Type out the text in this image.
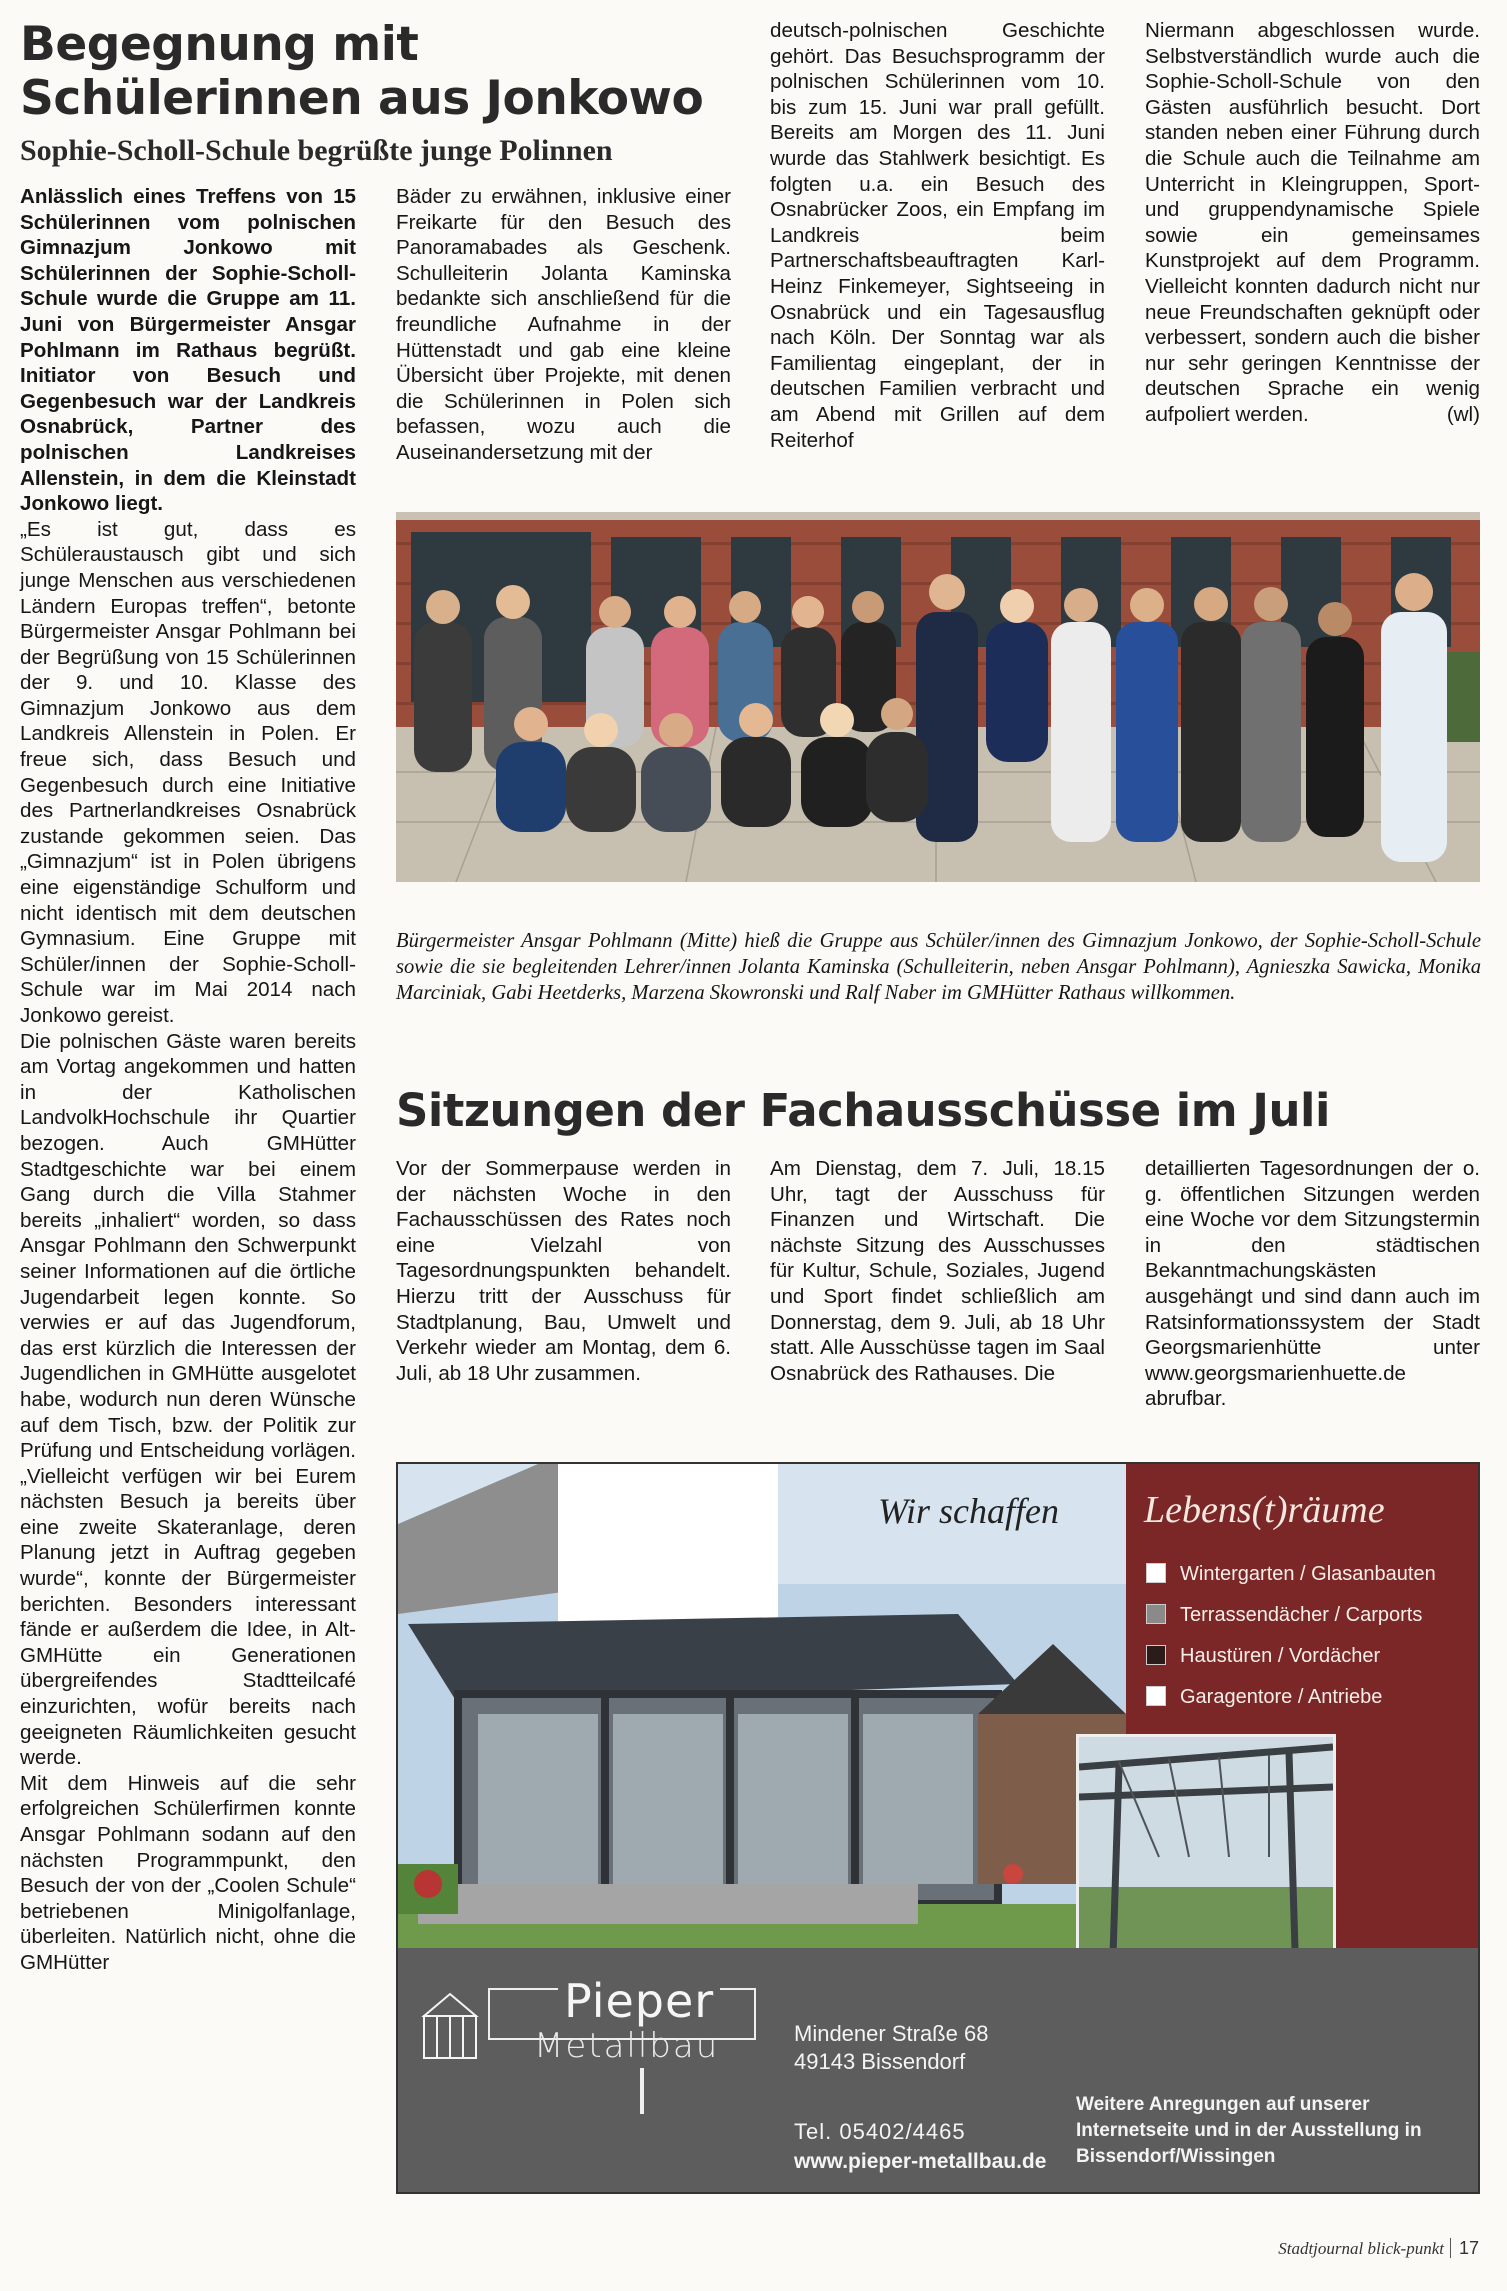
Begegnung mit
Schülerinnen aus Jonkowo
Sophie-Scholl-Schule begrüßte junge Polinnen

Anlässlich eines Treffens von 15 Schülerinnen vom polnischen Gimnazjum Jonkowo mit Schülerinnen der Sophie-Scholl-Schule wurde die Gruppe am 11. Juni von Bürgermeister Ansgar Pohlmann im Rathaus begrüßt. Initiator von Besuch und Gegenbesuch war der Landkreis Osnabrück, Partner des polnischen Landkreises Allenstein, in dem die Kleinstadt Jonkowo liegt.

„Es ist gut, dass es Schüleraustausch gibt und sich junge Menschen aus verschiedenen Ländern Europas treffen“, betonte Bürgermeister Ansgar Pohlmann bei der Begrüßung von 15 Schülerinnen der 9. und 10. Klasse des Gimnazjum Jonkowo aus dem Landkreis Allenstein in Polen. Er freue sich, dass Besuch und Gegenbesuch durch eine Initiative des Partnerlandkreises Osnabrück zustande gekommen seien. Das „Gimnazjum“ ist in Polen übrigens eine eigenständige Schulform und nicht identisch mit dem deutschen Gymnasium. Eine Gruppe mit Schüler/innen der Sophie-Scholl-Schule war im Mai 2014 nach Jonkowo gereist.

Die polnischen Gäste waren bereits am Vortag angekommen und hatten in der Katholischen LandvolkHochschule ihr Quartier bezogen. Auch GMHütter Stadtgeschichte war bei einem Gang durch die Villa Stahmer bereits „inhaliert“ worden, so dass Ansgar Pohlmann den Schwerpunkt seiner Informationen auf die örtliche Jugendarbeit legen konnte. So verwies er auf das Jugendforum, das erst kürzlich die Interessen der Jugendlichen in GMHütte ausgelotet habe, wodurch nun deren Wünsche auf dem Tisch, bzw. der Politik zur Prüfung und Entscheidung vorlägen. „Vielleicht verfügen wir bei Eurem nächsten Besuch ja bereits über eine zweite Skateranlage, deren Planung jetzt in Auftrag gegeben wurde“, konnte der Bürgermeister berichten. Besonders interessant fände er außerdem die Idee, in Alt-GMHütte ein Generationen übergreifendes Stadtteilcafé einzurichten, wofür bereits nach geeigneten Räumlichkeiten gesucht werde.

Mit dem Hinweis auf die sehr erfolgreichen Schülerfirmen konnte Ansgar Pohlmann sodann auf den nächsten Programmpunkt, den Besuch der von der „Coolen Schule“ betriebenen Minigolfanlage, überleiten. Natürlich nicht, ohne die GMHütter

Bäder zu erwähnen, inklusive einer Freikarte für den Besuch des Panoramabades als Geschenk. Schulleiterin Jolanta Kaminska bedankte sich anschließend für die freundliche Aufnahme in der Hüttenstadt und gab eine kleine Übersicht über Projekte, mit denen die Schülerinnen in Polen sich befassen, wozu auch die Auseinandersetzung mit der

deutsch-polnischen Geschichte gehört. Das Besuchsprogramm der polnischen Schülerinnen vom 10. bis zum 15. Juni war prall gefüllt. Bereits am Morgen des 11. Juni wurde das Stahlwerk besichtigt. Es folgten u.a. ein Besuch des Osnabrücker Zoos, ein Empfang im Landkreis beim Partnerschaftsbeauftragten Karl-Heinz Finkemeyer, Sightseeing in Osnabrück und ein Tagesausflug nach Köln. Der Sonntag war als Familientag eingeplant, der in deutschen Familien verbracht und am Abend mit Grillen auf dem Reiterhof

Niermann abgeschlossen wurde. Selbstverständlich wurde auch die Sophie-Scholl-Schule von den Gästen ausführlich besucht. Dort standen neben einer Führung durch die Schule auch die Teilnahme am Unterricht in Kleingruppen, Sport- und gruppendynamische Spiele sowie ein gemeinsames Kunstprojekt auf dem Programm. Vielleicht konnten dadurch nicht nur neue Freundschaften geknüpft oder verbessert, sondern auch die bisher nur sehr geringen Kenntnisse der deutschen Sprache ein wenig aufpoliert werden.	(wl)

Bürgermeister Ansgar Pohlmann (Mitte) hieß die Gruppe aus Schüler/innen des Gimnazjum Jonkowo, der Sophie-Scholl-Schule sowie die sie begleitenden Lehrer/innen Jolanta Kaminska (Schulleiterin, neben Ansgar Pohlmann), Agnieszka Sawicka, Monika Marciniak, Gabi Heetderks, Marzena Skowronski und Ralf Naber im GMHütter Rathaus willkommen.
Sitzungen der Fachausschüsse im Juli

Vor der Sommerpause werden in der nächsten Woche in den Fachausschüssen des Rates noch eine Vielzahl von Tagesordnungspunkten behandelt. Hierzu tritt der Ausschuss für Stadtplanung, Bau, Umwelt und Verkehr wieder am Montag, dem 6. Juli, ab 18 Uhr zusammen.

Am Dienstag, dem 7. Juli, 18.15 Uhr, tagt der Ausschuss für Finanzen und Wirtschaft. Die nächste Sitzung des Ausschusses für Kultur, Schule, Soziales, Jugend und Sport findet schließlich am Donnerstag, dem 9. Juli, ab 18 Uhr statt. Alle Ausschüsse tagen im Saal Osnabrück des Rathauses. Die

detaillierten Tagesordnungen der o. g. öffentlichen Sitzungen werden eine Woche vor dem Sitzungstermin in den städtischen Bekanntmachungskästen ausgehängt und sind dann auch im Ratsinformationssystem der Stadt Georgsmarienhütte unter www.georgsmarienhuette.de abrufbar.

Wir schaffen Lebens(t)räume
Wintergarten / Glasanbauten
Terrassendächer / Carports
Haustüren / Vordächer
Garagentore / Antriebe
Pieper
Metallbau	Mindener Straße 68
49143 Bissendorf
Tel. 05402/4465
www.pieper-metallbau.de
Weitere Anregungen auf unserer Internetseite und in der Ausstellung in Bissendorf/Wissingen
Stadtjournal blick-punkt 17
